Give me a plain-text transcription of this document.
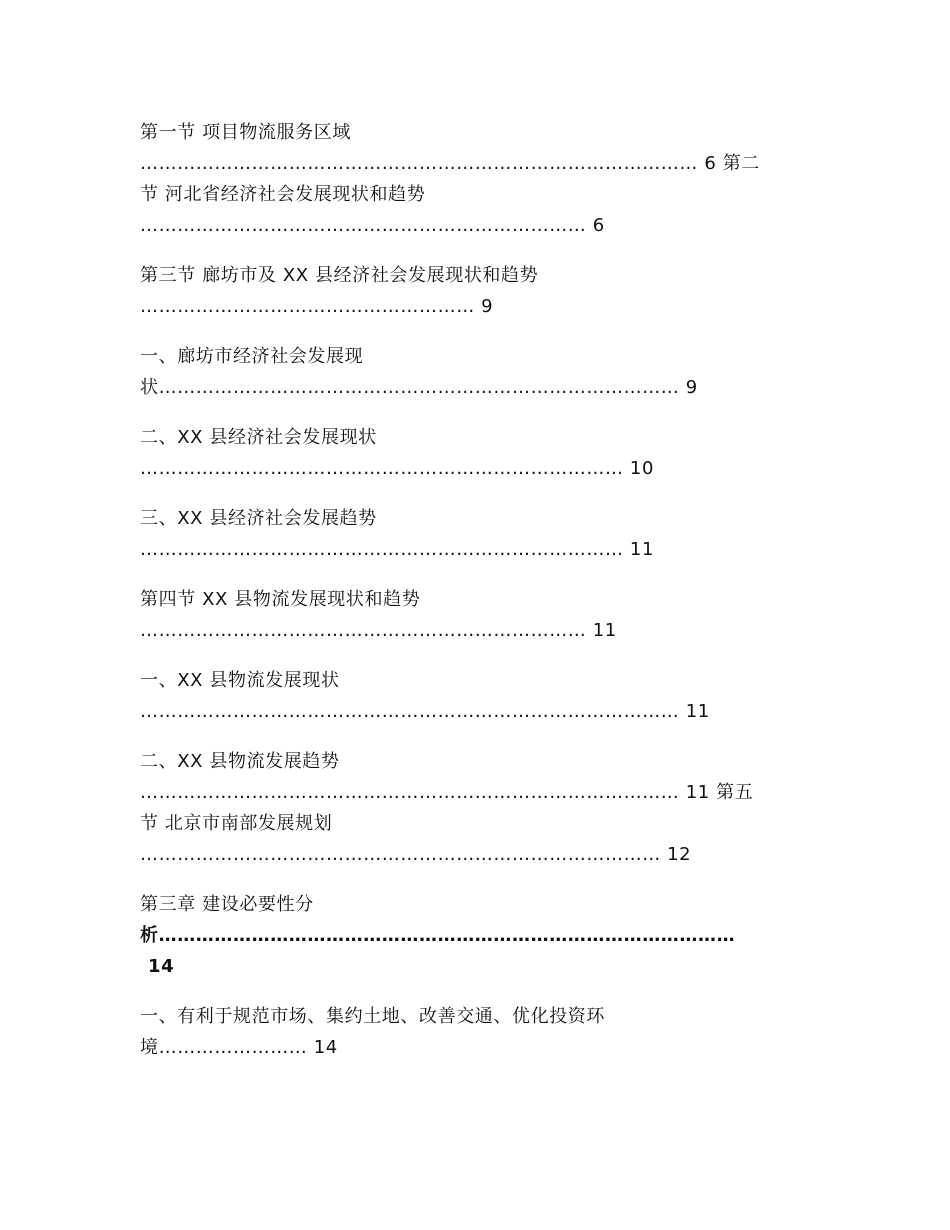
第一节 项目物流服务区域
……………………………………………………………………………… 6 第二
节 河北省经济社会发展现状和趋势
……………………………………………………………… 6
第三节 廊坊市及 XX 县经济社会发展现状和趋势
……………………………………………… 9
一、廊坊市经济社会发展现
状………………………………………………………………………… 9
二、XX 县经济社会发展现状
…………………………………………………………………… 10
三、XX 县经济社会发展趋势
…………………………………………………………………… 11
第四节 XX 县物流发展现状和趋势
……………………………………………………………… 11
一、XX 县物流发展现状
…………………………………………………………………………… 11
二、XX 县物流发展趋势
…………………………………………………………………………… 11 第五
节 北京市南部发展规划
………………………………………………………………………… 12
第三章 建设必要性分
析…………………………………………………………………………………
14
一、有利于规范市场、集约土地、改善交通、优化投资环
境…………………… 14
